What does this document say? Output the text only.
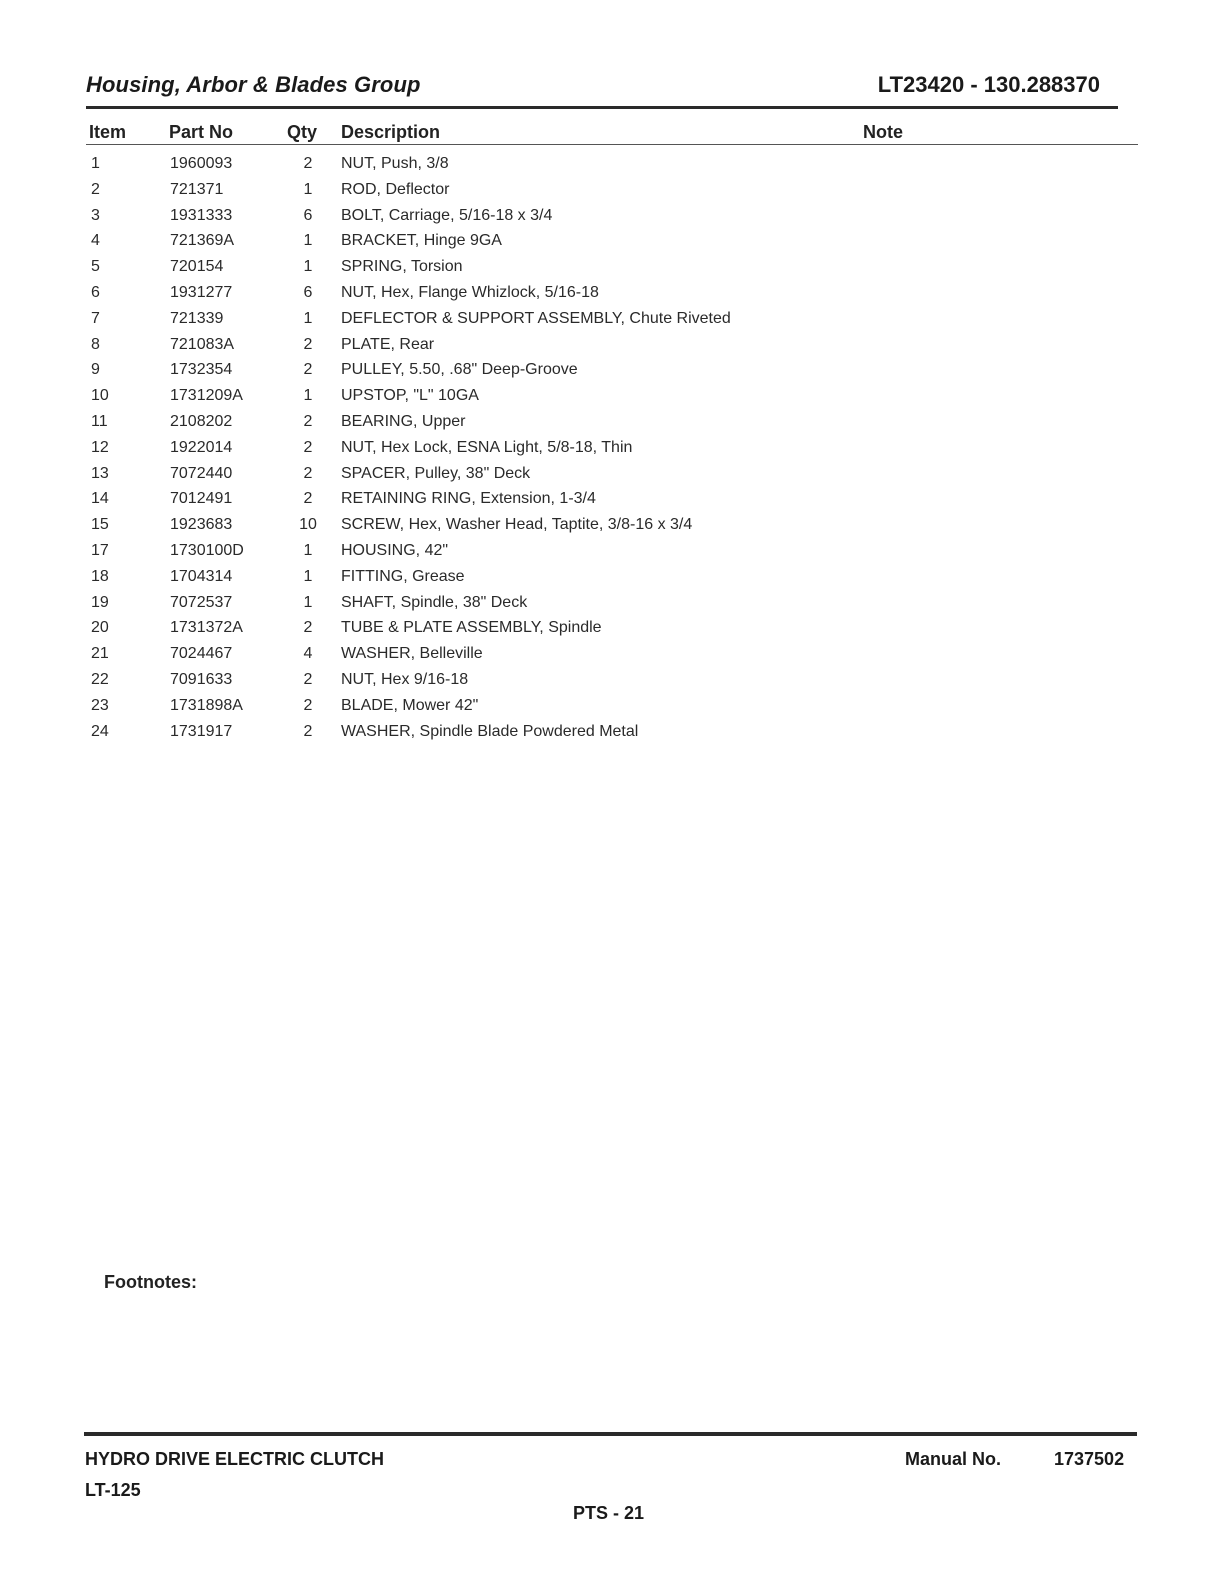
Housing, Arbor & Blades Group	LT23420 - 130.288370
Item Part No	Qty Description	Note
1	1960093	2	NUT, Push, 3/8
2	721371	1	ROD, Deflector
3	1931333	6	BOLT, Carriage, 5/16-18 x 3/4
4	721369A	1	BRACKET, Hinge 9GA
5	720154	1	SPRING, Torsion
6	1931277	6	NUT, Hex, Flange Whizlock, 5/16-18
7	721339	1	DEFLECTOR & SUPPORT ASSEMBLY, Chute Riveted
8	721083A	2	PLATE, Rear
9	1732354	2	PULLEY, 5.50, .68" Deep-Groove
10	1731209A	1	UPSTOP, "L" 10GA
11	2108202	2	BEARING, Upper
12	1922014	2	NUT, Hex Lock, ESNA Light, 5/8-18, Thin
13	7072440	2	SPACER, Pulley, 38" Deck
14	7012491	2	RETAINING RING, Extension, 1-3/4
15	1923683	10 SCREW, Hex, Washer Head, Taptite, 3/8-16 x 3/4
17	1730100D	1	HOUSING, 42"
18	1704314	1	FITTING, Grease
19	7072537	1	SHAFT, Spindle, 38" Deck
20	1731372A	2	TUBE & PLATE ASSEMBLY, Spindle
21	7024467	4	WASHER, Belleville
22	7091633	2	NUT, Hex 9/16-18
23	1731898A	2	BLADE, Mower 42"
24	1731917	2	WASHER, Spindle Blade Powdered Metal
Footnotes:
HYDRO DRIVE ELECTRIC CLUTCH
LT-125
Manual No.	1737502
PTS - 21
